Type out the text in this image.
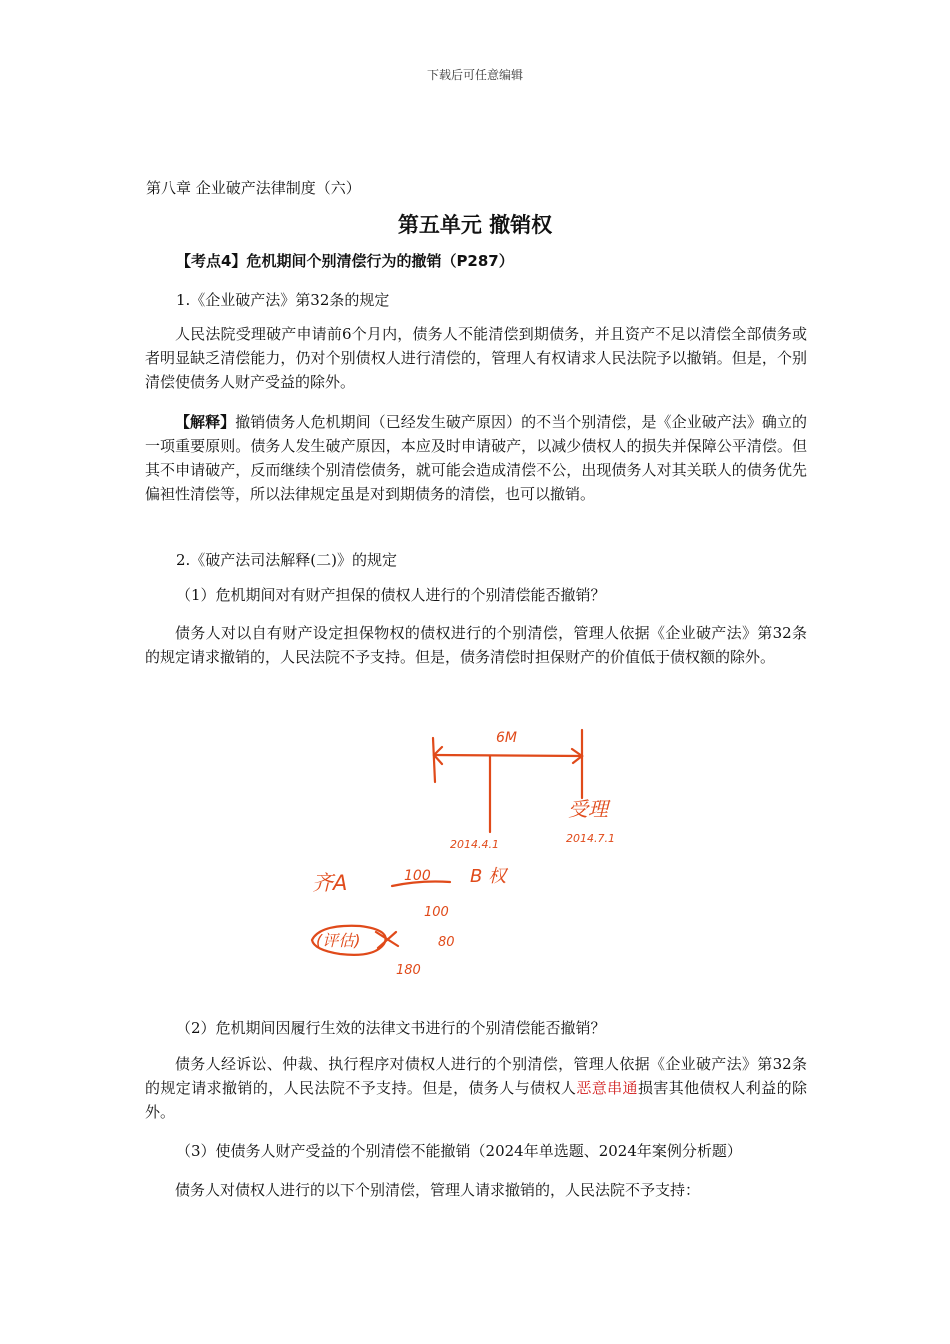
下载后可任意编辑
第八章 企业破产法律制度（六）
第五单元 撤销权
【考点4】危机期间个别清偿行为的撤销（P287）
1.《企业破产法》第32条的规定
人民法院受理破产申请前6个月内，债务人不能清偿到期债务，并且资产不足以清偿全部债务或者明显缺乏清偿能力，仍对个别债权人进行清偿的，管理人有权请求人民法院予以撤销。但是，个别清偿使债务人财产受益的除外。
【解释】撤销债务人危机期间（已经发生破产原因）的不当个别清偿，是《企业破产法》确立的一项重要原则。债务人发生破产原因，本应及时申请破产，以减少债权人的损失并保障公平清偿。但其不申请破产，反而继续个别清偿债务，就可能会造成清偿不公，出现债务人对其关联人的债务优先偏袒性清偿等，所以法律规定虽是对到期债务的清偿，也可以撤销。
2.《破产法司法解释(二)》的规定
（1）危机期间对有财产担保的债权人进行的个别清偿能否撤销？
债务人对以自有财产设定担保物权的债权进行的个别清偿，管理人依据《企业破产法》第32条的规定请求撤销的，人民法院不予支持。但是，债务清偿时担保财产的价值低于债权额的除外。
6M
受理
2014.4.1	2014.7.1
齐A	100 B 权
100
(评估)	80
180
（2）危机期间因履行生效的法律文书进行的个别清偿能否撤销？
债务人经诉讼、仲裁、执行程序对债权人进行的个别清偿，管理人依据《企业破产法》第32条的规定请求撤销的，人民法院不予支持。但是，债务人与债权人恶意串通损害其他债权人利益的除外。
（3）使债务人财产受益的个别清偿不能撤销（2024年单选题、2024年案例分析题）
债务人对债权人进行的以下个别清偿，管理人请求撤销的，人民法院不予支持：
